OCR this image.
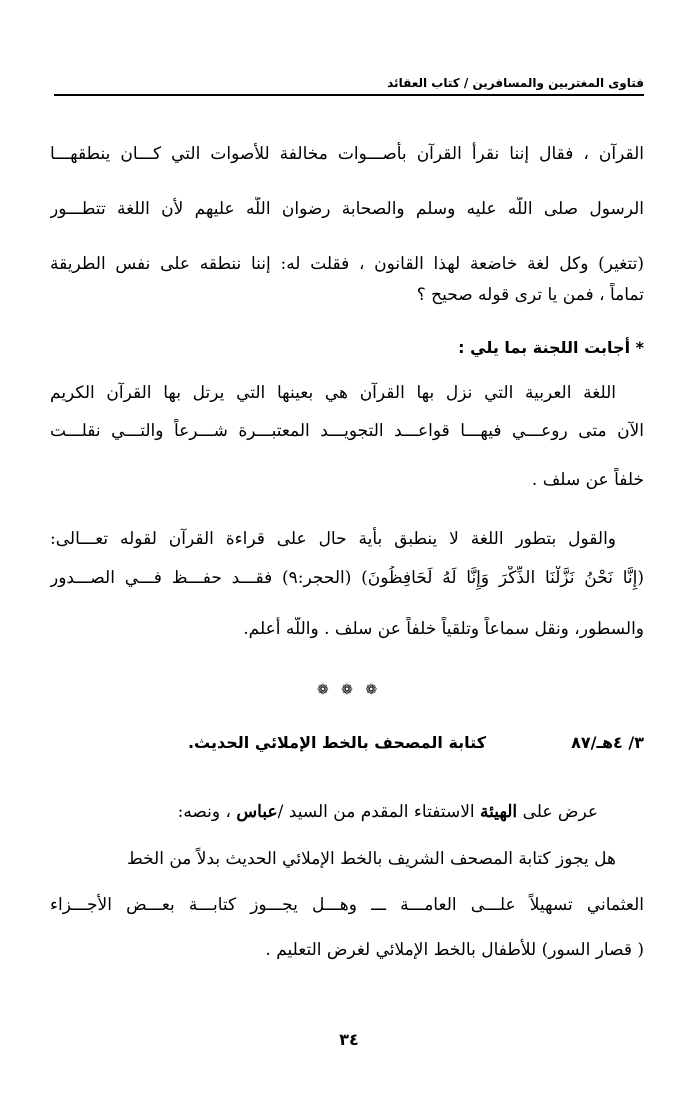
فتاوى المغتربين والمسافرين / كتاب العقائد
القرآن ، فقال إننا نقرأ القرآن بأصـــوات مخالفة للأصوات التي كـــان ينطقهـــا
الرسول صلى اللّه عليه وسلم والصحابة رضوان اللّه عليهم لأن اللغة تتطـــور
(تتغير) وكل لغة خاضعة لهذا القانون ، فقلت له: إننا ننطقه على نفس الطريقة
تماماً ، فمن يا ترى قوله صحيح ؟
* أجابت اللجنة بما يلي :
اللغة العربية التي نزل بها القرآن هي بعينها التي يرتل بها القرآن الكريم
الآن متى روعـــي فيهـــا قواعـــد التجويـــد المعتبـــرة شـــرعاً والتـــي نقلـــت
خلفاً عن سلف .
والقول بتطور اللغة لا ينطبق بأية حال على قراءة القرآن لقوله تعـــالى:
(إِنَّا نَحْنُ نَزَّلْنَا الذِّكْرَ وَإِنَّا لَهُ لَحَافِظُونَ) (الحجر:٩) فقـــد حفـــظ فـــي الصـــدور
والسطور، ونقل سماعاً وتلقياً خلفاً عن سلف . واللّه أعلم.
❁ ❁ ❁
٣/ ٤هـ/٨٧
كتابة المصحف بالخط الإملائي الحديث.
عرض على الهيئة الاستفتاء المقدم من السيد /عباس ، ونصه:
هل يجوز كتابة المصحف الشريف بالخط الإملائي الحديث بدلاً من الخط
العثماني تسهيلاً علـــى العامـــة ـــ وهـــل يجـــوز كتابـــة بعـــض الأجـــزاء
( قصار السور) للأطفال بالخط الإملائي لغرض التعليم .
٣٤
